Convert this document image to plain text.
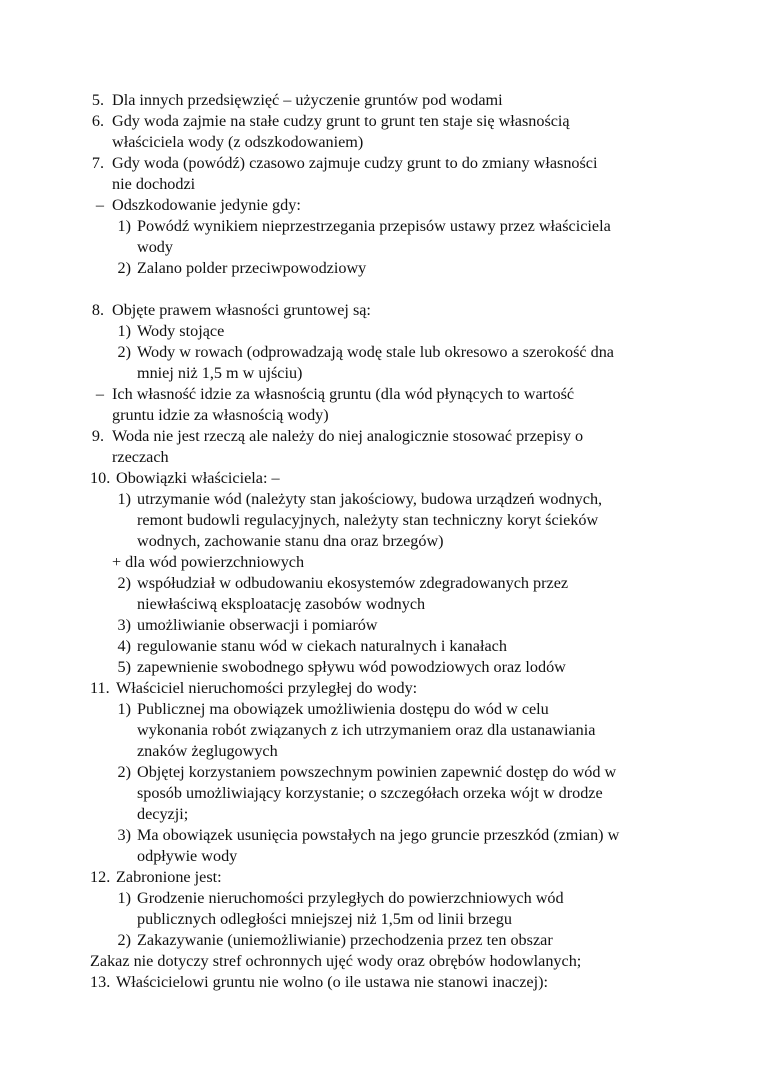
5. Dla innych przedsięwzięć – użyczenie gruntów pod wodami
6. Gdy woda zajmie na stałe cudzy grunt to grunt ten staje się własnością
właściciela wody (z odszkodowaniem)
7. Gdy woda (powódź) czasowo zajmuje cudzy grunt to do zmiany własności
nie dochodzi
– Odszkodowanie jedynie gdy:
1) Powódź wynikiem nieprzestrzegania przepisów ustawy przez właściciela
wody
2) Zalano polder przeciwpowodziowy
8. Objęte prawem własności gruntowej są:
1) Wody stojące
2) Wody w rowach (odprowadzają wodę stale lub okresowo a szerokość dna
mniej niż 1,5 m w ujściu)
– Ich własność idzie za własnością gruntu (dla wód płynących to wartość
gruntu idzie za własnością wody)
9. Woda nie jest rzeczą ale należy do niej analogicznie stosować przepisy o
rzeczach
10. Obowiązki właściciela: –
1) utrzymanie wód (należyty stan jakościowy, budowa urządzeń wodnych,
remont budowli regulacyjnych, należyty stan techniczny koryt ścieków
wodnych, zachowanie stanu dna oraz brzegów)
+ dla wód powierzchniowych
2) współudział w odbudowaniu ekosystemów zdegradowanych przez
niewłaściwą eksploatację zasobów wodnych
3) umożliwianie obserwacji i pomiarów
4) regulowanie stanu wód w ciekach naturalnych i kanałach
5) zapewnienie swobodnego spływu wód powodziowych oraz lodów
11. Właściciel nieruchomości przyległej do wody:
1) Publicznej ma obowiązek umożliwienia dostępu do wód w celu
wykonania robót związanych z ich utrzymaniem oraz dla ustanawiania
znaków żeglugowych
2) Objętej korzystaniem powszechnym powinien zapewnić dostęp do wód w
sposób umożliwiający korzystanie; o szczegółach orzeka wójt w drodze
decyzji;
3) Ma obowiązek usunięcia powstałych na jego gruncie przeszkód (zmian) w
odpływie wody
12. Zabronione jest:
1) Grodzenie nieruchomości przyległych do powierzchniowych wód
publicznych odległości mniejszej niż 1,5m od linii brzegu
2) Zakazywanie (uniemożliwianie) przechodzenia przez ten obszar
Zakaz nie dotyczy stref ochronnych ujęć wody oraz obrębów hodowlanych;
13. Właścicielowi gruntu nie wolno (o ile ustawa nie stanowi inaczej):
